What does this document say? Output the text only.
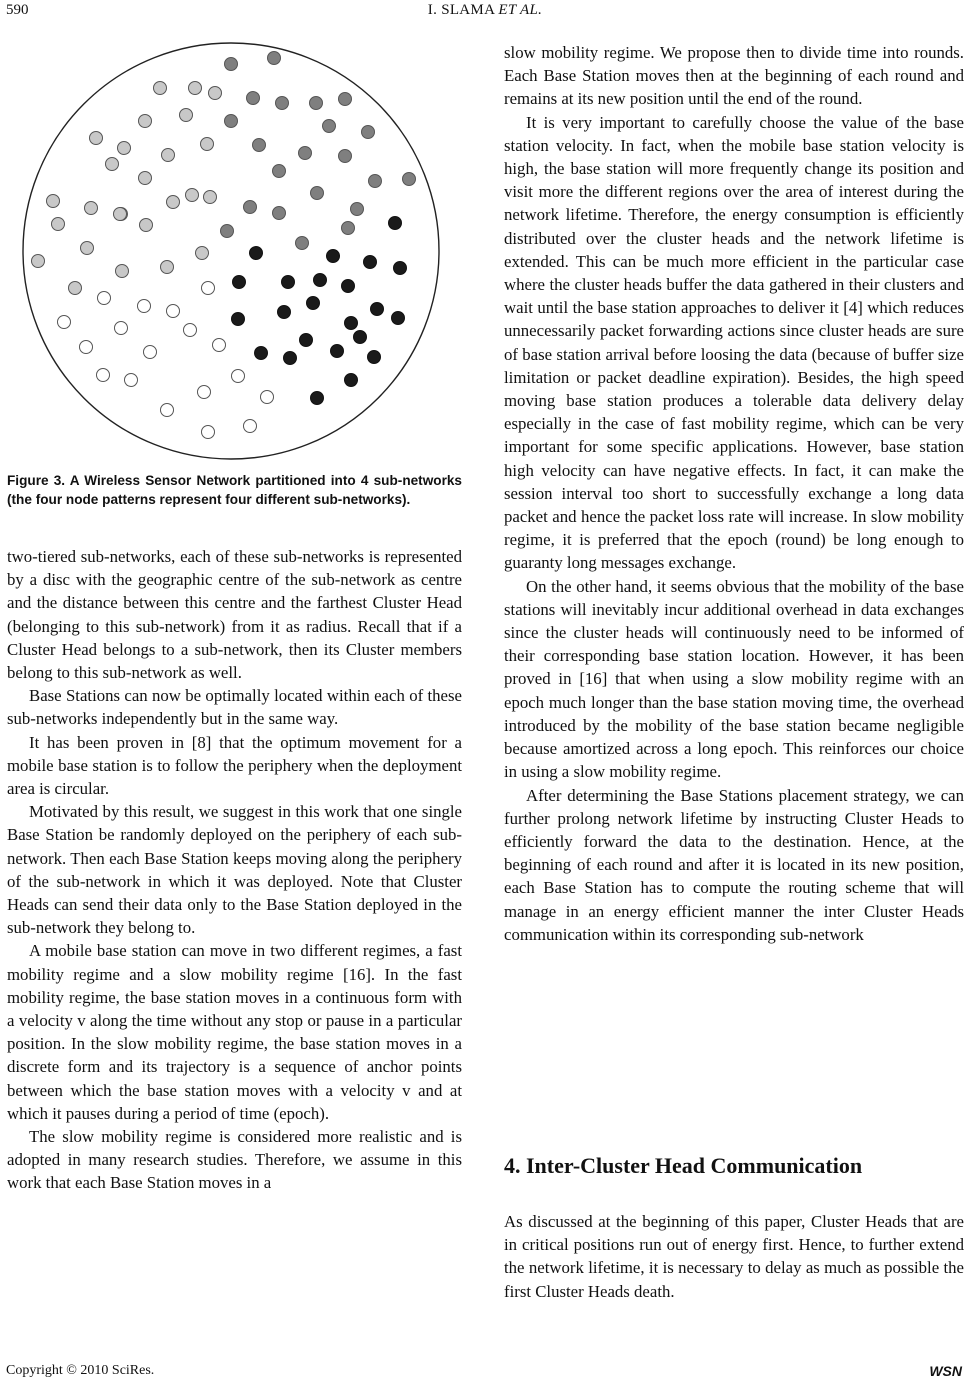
590	I. SLAMA ET AL.
Figure 3. A Wireless Sensor Network partitioned into 4 sub-networks (the four node patterns represent four different sub-networks).

two-tiered sub-networks, each of these sub-networks is represented by a disc with the geographic centre of the sub-network as centre and the distance between this centre and the farthest Cluster Head (belonging to this sub-network) from it as radius. Recall that if a Cluster Head belongs to a sub-network, then its Cluster members belong to this sub-network as well.

Base Stations can now be optimally located within each of these sub-networks independently but in the same way.

It has been proven in [8] that the optimum movement for a mobile base station is to follow the periphery when the deployment area is circular.

Motivated by this result, we suggest in this work that one single Base Station be randomly deployed on the periphery of each sub-network. Then each Base Station keeps moving along the periphery of the sub-network in which it was deployed. Note that Cluster Heads can send their data only to the Base Station deployed in the sub-network they belong to.

A mobile base station can move in two different regimes, a fast mobility regime and a slow mobility regime [16]. In the fast mobility regime, the base station moves in a continuous form with a velocity v along the time without any stop or pause in a particular position. In the slow mobility regime, the base station moves in a discrete form and its trajectory is a sequence of anchor points between which the base station moves with a velocity v and at which it pauses during a period of time (epoch).

The slow mobility regime is considered more realistic and is adopted in many research studies. Therefore, we assume in this work that each Base Station moves in a

slow mobility regime. We propose then to divide time into rounds. Each Base Station moves then at the beginning of each round and remains at its new position until the end of the round.

It is very important to carefully choose the value of the base station velocity. In fact, when the mobile base station velocity is high, the base station will more frequently change its position and visit more the different regions over the area of interest during the network lifetime. Therefore, the energy consumption is efficiently distributed over the cluster heads and the network lifetime is extended. This can be much more efficient in the particular case where the cluster heads buffer the data gathered in their clusters and wait until the base station approaches to deliver it [4] which reduces unnecessarily packet forwarding actions since cluster heads are sure of base station arrival before loosing the data (because of buffer size limitation or packet deadline expiration). Besides, the high speed moving base station produces a tolerable data delivery delay especially in the case of fast mobility regime, which can be very important for some specific applications. However, base station high velocity can have negative effects. In fact, it can make the session interval too short to successfully exchange a long data packet and hence the packet loss rate will increase. In slow mobility regime, it is preferred that the epoch (round) be long enough to guaranty long messages exchange.

On the other hand, it seems obvious that the mobility of the base stations will inevitably incur additional overhead in data exchanges since the cluster heads will continuously need to be informed of their corresponding base station location. However, it has been proved in [16] that when using a slow mobility regime with an epoch much longer than the base station moving time, the overhead introduced by the mobility of the base station became negligible because amortized across a long epoch. This reinforces our choice in using a slow mobility regime.

After determining the Base Stations placement strategy, we can further prolong network lifetime by instructing Cluster Heads to efficiently forward the data to the destination. Hence, at the beginning of each round and after it is located in its new position, each Base Station has to compute the routing scheme that will manage in an energy efficient manner the inter Cluster Heads communication within its corresponding sub-network

4. Inter-Cluster Head Communication

As discussed at the beginning of this paper, Cluster Heads that are in critical positions run out of energy first. Hence, to further extend the network lifetime, it is necessary to delay as much as possible the first Cluster Heads death.

Copyright © 2010 SciRes.	WSN
